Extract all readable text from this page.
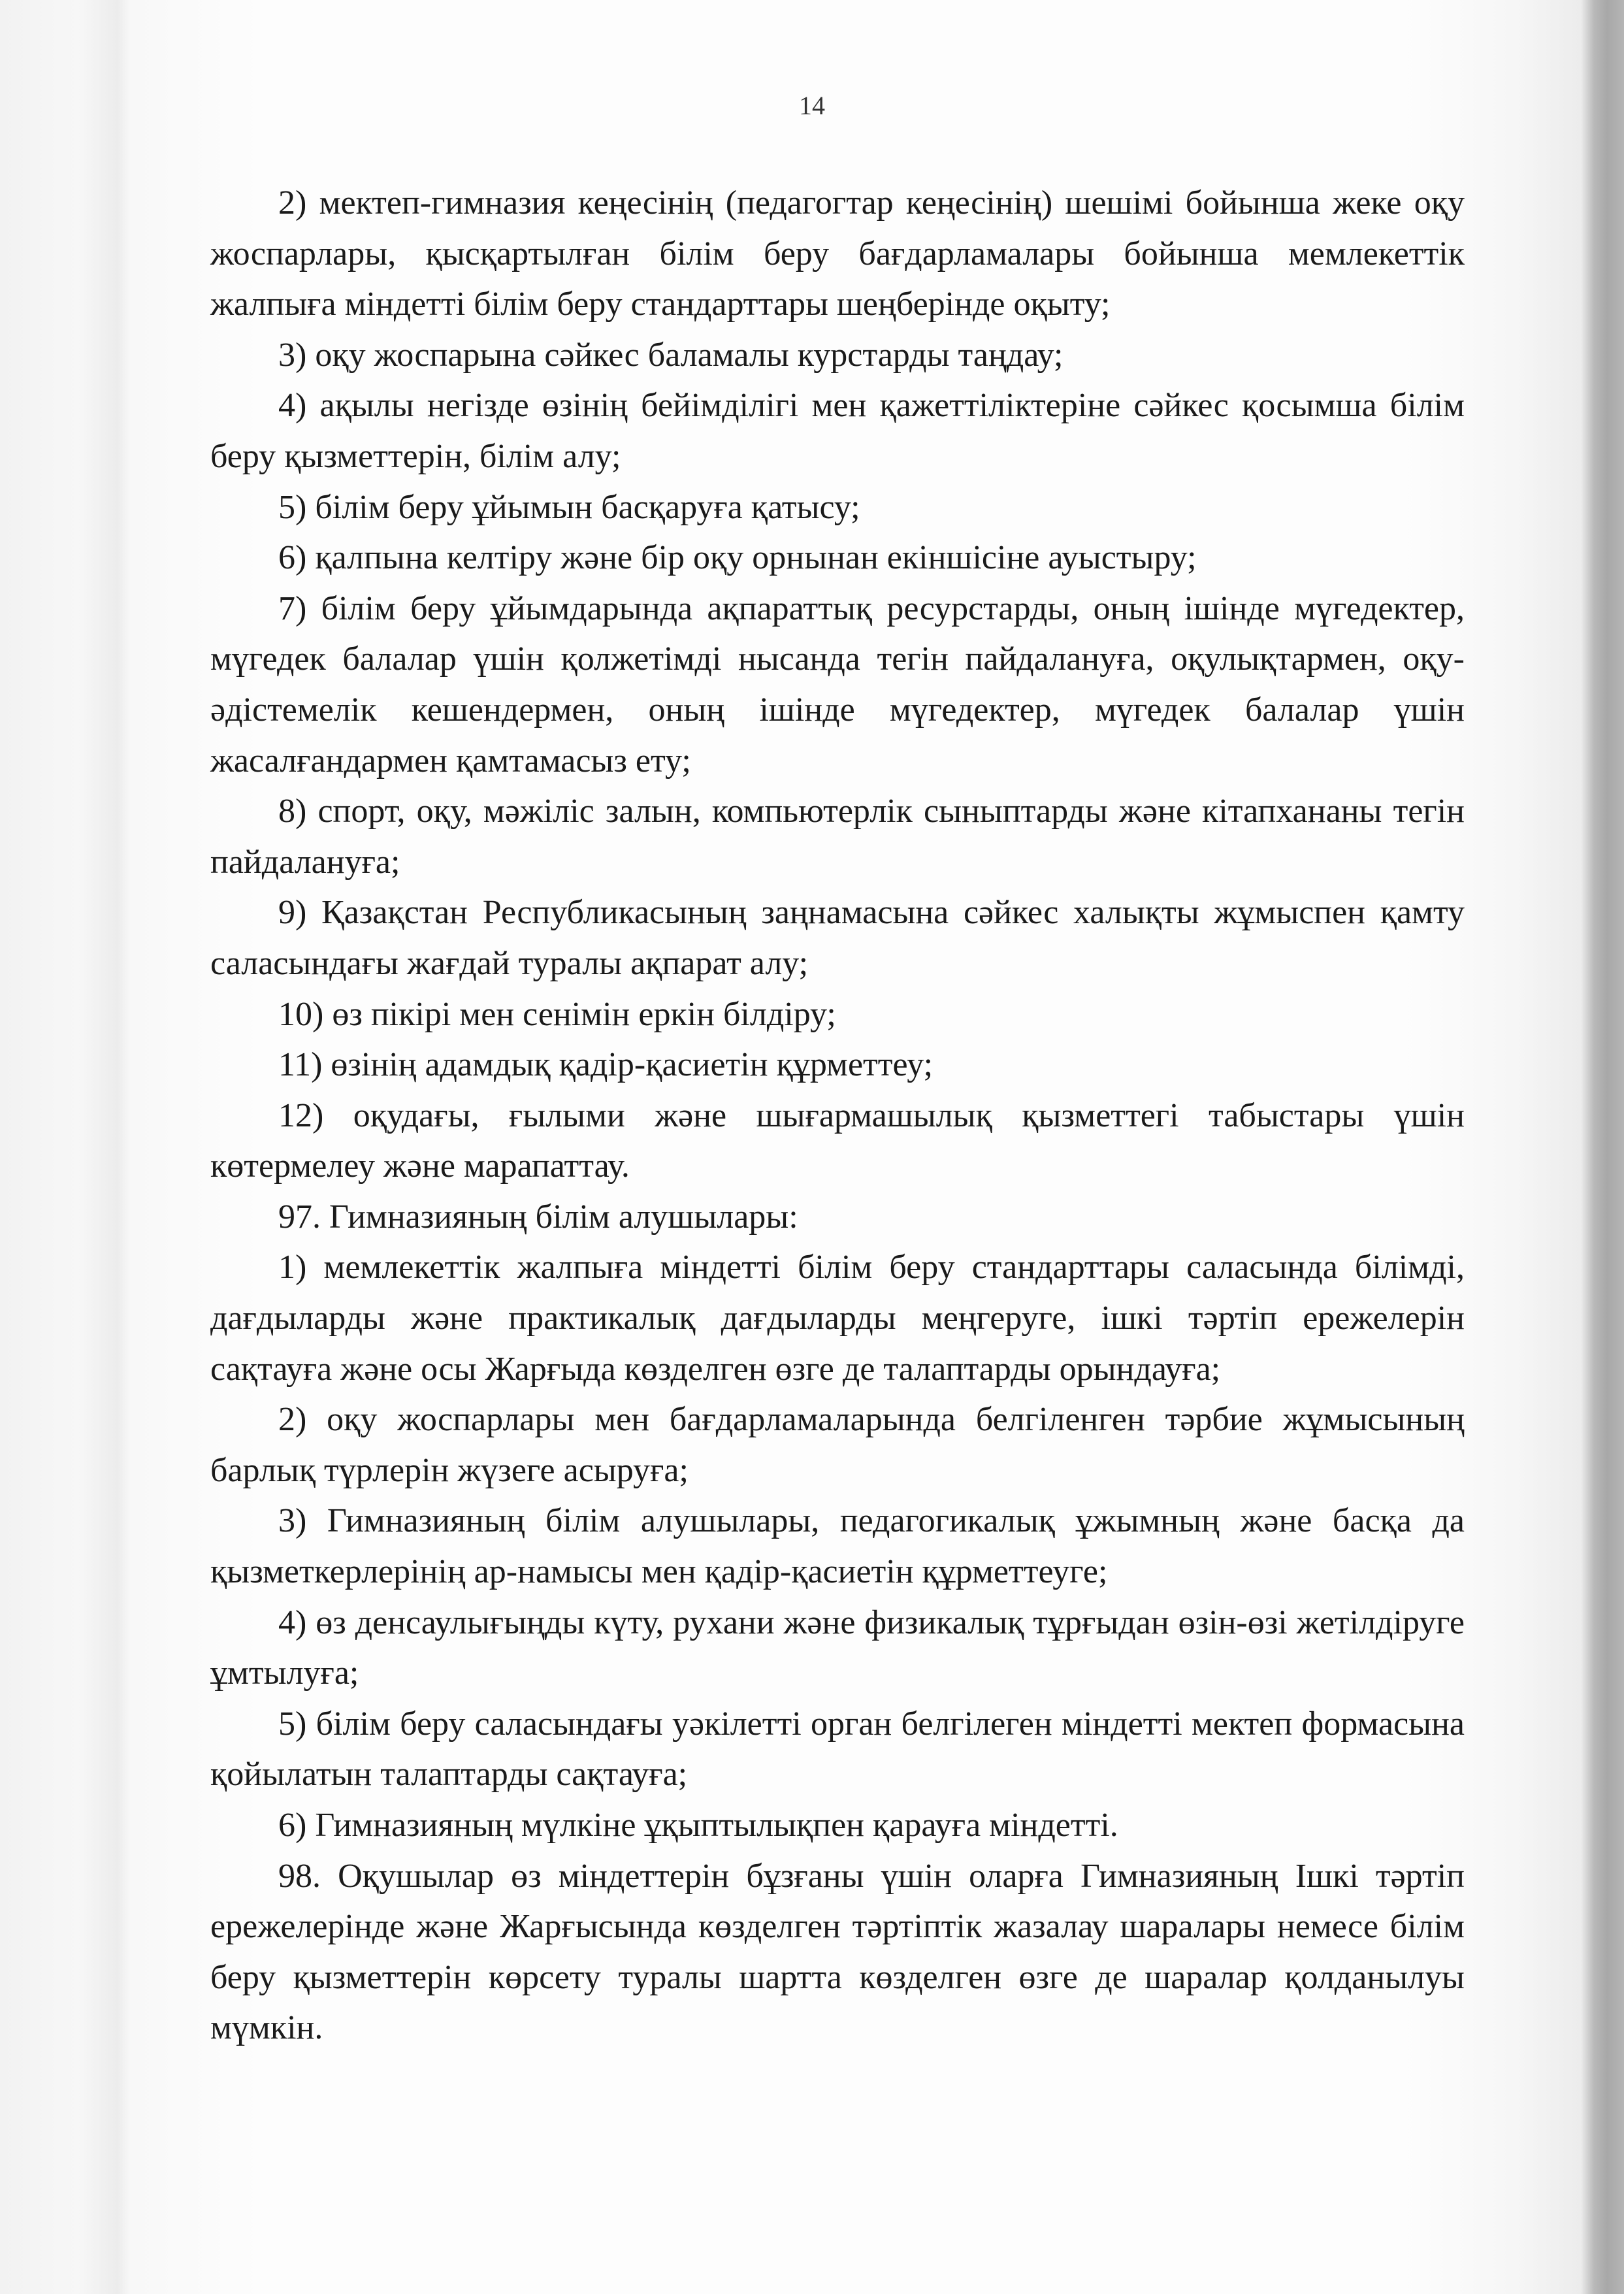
14

2) мектеп-гимназия кеңесінің (педагогтар кеңесінің) шешімі бойынша жеке оқу жоспарлары, қысқартылған білім беру бағдарламалары бойынша мемлекеттік жалпыға міндетті білім беру стандарттары шеңберінде оқыту;

3) оқу жоспарына сәйкес баламалы курстарды таңдау;

4) ақылы негізде өзінің бейімділігі мен қажеттіліктеріне сәйкес қосымша білім беру қызметтерін, білім алу;

5) білім беру ұйымын басқаруға қатысу;

6) қалпына келтіру және бір оқу орнынан екіншісіне ауыстыру;

7) білім беру ұйымдарында ақпараттық ресурстарды, оның ішінде мүгедектер, мүгедек балалар үшін қолжетімді нысанда тегін пайдалануға, оқулықтармен, оқу-әдістемелік кешендермен, оның ішінде мүгедектер, мүгедек балалар үшін жасалғандармен қамтамасыз ету;

8) спорт, оқу, мәжіліс залын, компьютерлік сыныптарды және кітапхананы тегін пайдалануға;

9) Қазақстан Республикасының заңнамасына сәйкес халықты жұмыспен қамту саласындағы жағдай туралы ақпарат алу;

10) өз пікірі мен сенімін еркін білдіру;

11) өзінің адамдық қадір-қасиетін құрметтеу;

12) оқудағы, ғылыми және шығармашылық қызметтегі табыстары үшін көтермелеу және марапаттау.

97. Гимназияның білім алушылары:

1) мемлекеттік жалпыға міндетті білім беру стандарттары саласында білімді, дағдыларды және практикалық дағдыларды меңгеруге, ішкі тәртіп ережелерін сақтауға және осы Жарғыда көзделген өзге де талаптарды орындауға;

2) оқу жоспарлары мен бағдарламаларында белгіленген тәрбие жұмысының барлық түрлерін жүзеге асыруға;

3) Гимназияның білім алушылары, педагогикалық ұжымның және басқа да қызметкерлерінің ар-намысы мен қадір-қасиетін құрметтеуге;

4) өз денсаулығыңды күту, рухани және физикалық тұрғыдан өзін-өзі жетілдіруге ұмтылуға;

5) білім беру саласындағы уәкілетті орган белгілеген міндетті мектеп формасына қойылатын талаптарды сақтауға;

6) Гимназияның мүлкіне ұқыптылықпен қарауға міндетті.

98. Оқушылар өз міндеттерін бұзғаны үшін оларға Гимназияның Ішкі тәртіп ережелерінде және Жарғысында көзделген тәртіптік жазалау шаралары немесе білім беру қызметтерін көрсету туралы шартта көзделген өзге де шаралар қолданылуы мүмкін.
